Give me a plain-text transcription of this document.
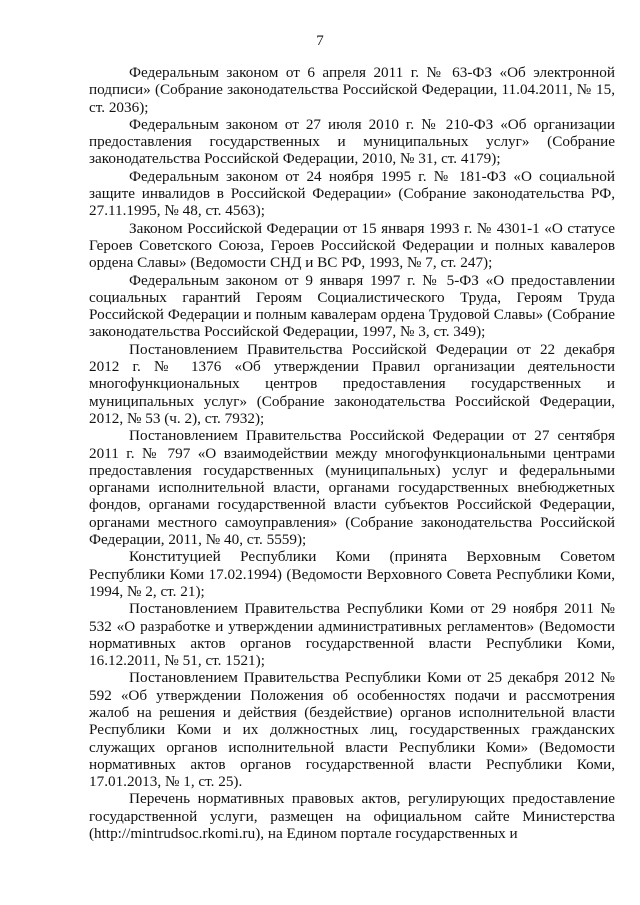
7

Федеральным законом от 6 апреля 2011 г. № 63-ФЗ «Об электронной подписи» (Собрание законодательства Российской Федерации, 11.04.2011, № 15, ст. 2036);

Федеральным законом от 27 июля 2010 г. № 210-ФЗ «Об организации предоставления государственных и муниципальных услуг» (Собрание законодательства Российской Федерации, 2010, № 31, ст. 4179);

Федеральным законом от 24 ноября 1995 г. № 181-ФЗ «О социальной защите инвалидов в Российской Федерации» (Собрание законодательства РФ, 27.11.1995, № 48, ст. 4563);

Законом Российской Федерации от 15 января 1993 г. № 4301-1 «О статусе Героев Советского Союза, Героев Российской Федерации и полных кавалеров ордена Славы» (Ведомости СНД и ВС РФ, 1993, № 7, ст. 247);

Федеральным законом от 9 января 1997 г. № 5-ФЗ «О предоставлении социальных гарантий Героям Социалистического Труда, Героям Труда Российской Федерации и полным кавалерам ордена Трудовой Славы» (Собрание законодательства Российской Федерации, 1997, № 3, ст. 349);

Постановлением Правительства Российской Федерации от 22 декабря 2012 г. № 1376 «Об утверждении Правил организации деятельности многофункциональных центров предоставления государственных и муниципальных услуг» (Собрание законодательства Российской Федерации, 2012, № 53 (ч. 2), ст. 7932);

Постановлением Правительства Российской Федерации от 27 сентября 2011 г. № 797 «О взаимодействии между многофункциональными центрами предоставления государственных (муниципальных) услуг и федеральными органами исполнительной власти, органами государственных внебюджетных фондов, органами государственной власти субъектов Российской Федерации, органами местного самоуправления» (Собрание законодательства Российской Федерации, 2011, № 40, ст. 5559);

Конституцией Республики Коми (принята Верховным Советом Республики Коми 17.02.1994) (Ведомости Верховного Совета Республики Коми, 1994, № 2, ст. 21);

Постановлением Правительства Республики Коми от 29 ноября 2011 № 532 «О разработке и утверждении административных регламентов» (Ведомости нормативных актов органов государственной власти Республики Коми, 16.12.2011, № 51, ст. 1521);

Постановлением Правительства Республики Коми от 25 декабря 2012 № 592 «Об утверждении Положения об особенностях подачи и рассмотрения жалоб на решения и действия (бездействие) органов исполнительной власти Республики Коми и их должностных лиц, государственных гражданских служащих органов исполнительной власти Республики Коми» (Ведомости нормативных актов органов государственной власти Республики Коми, 17.01.2013, № 1, ст. 25).

Перечень нормативных правовых актов, регулирующих предоставление государственной услуги, размещен на официальном сайте Министерства (http://mintrudsoc.rkomi.ru), на Едином портале государственных и
